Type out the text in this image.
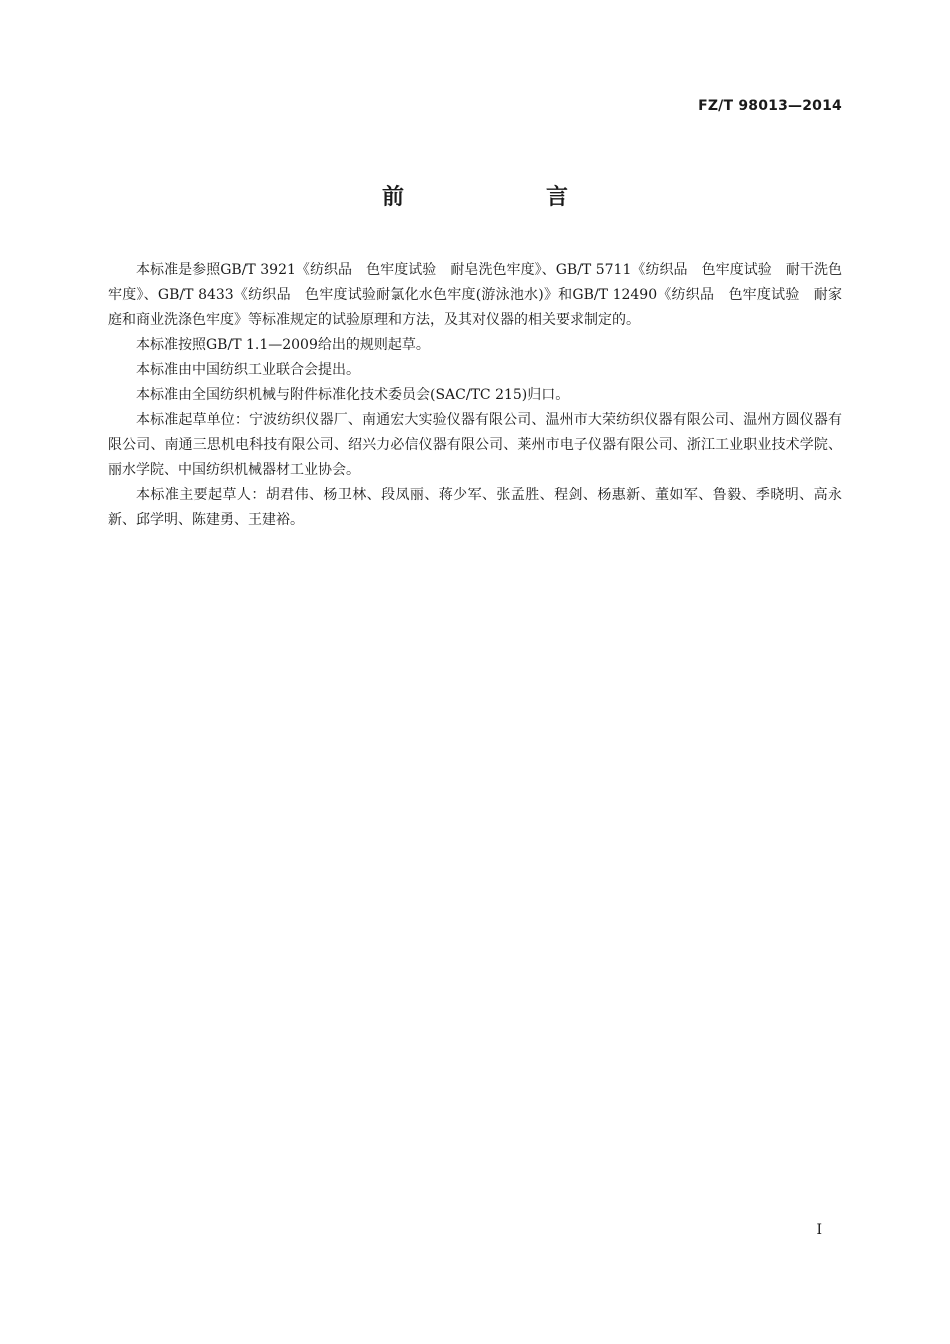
FZ/T 98013—2014
前　言

本标准是参照GB/T 3921《纺织品　色牢度试验　耐皂洗色牢度》、GB/T 5711《纺织品　色牢度试验　耐干洗色牢度》、GB/T 8433《纺织品　色牢度试验耐氯化水色牢度(游泳池水)》和GB/T 12490《纺织品　色牢度试验　耐家庭和商业洗涤色牢度》等标准规定的试验原理和方法，及其对仪器的相关要求制定的。

本标准按照GB/T 1.1—2009给出的规则起草。

本标准由中国纺织工业联合会提出。

本标准由全国纺织机械与附件标准化技术委员会(SAC/TC 215)归口。

本标准起草单位：宁波纺织仪器厂、南通宏大实验仪器有限公司、温州市大荣纺织仪器有限公司、温州方圆仪器有限公司、南通三思机电科技有限公司、绍兴力必信仪器有限公司、莱州市电子仪器有限公司、浙江工业职业技术学院、丽水学院、中国纺织机械器材工业协会。

本标准主要起草人：胡君伟、杨卫林、段凤丽、蒋少军、张孟胜、程剑、杨惠新、董如军、鲁毅、季晓明、高永新、邱学明、陈建勇、王建裕。

I
